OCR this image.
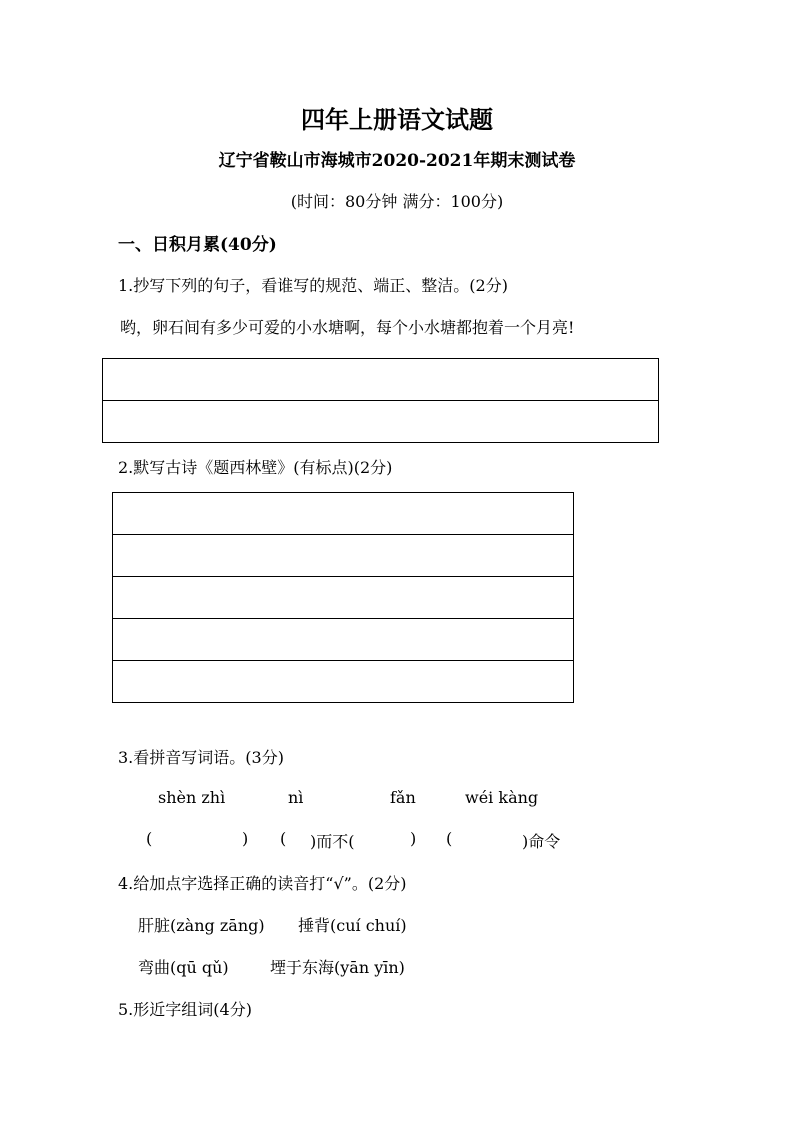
四年上册语文试题
辽宁省鞍山市海城市2020-2021年期末测试卷
(时间：80分钟 满分：100分)
一、日积月累(40分)
1.抄写下列的句子，看谁写的规范、端正、整洁。(2分)
哟，卵石间有多少可爱的小水塘啊，每个小水塘都抱着一个月亮!
2.默写古诗《题西林壁》(有标点)(2分)
3.看拼音写词语。(3分)
shèn zhì	nì	fǎn	wéi kàng
(	) ( )而不(	) (	)命令
4.给加点字选择正确的读音打“√”。(2分)
肝脏(zàng zāng) 捶背(cuí chuí)
弯曲(qū qǔ)	堙于东海(yān yīn)
5.形近字组词(4分)
